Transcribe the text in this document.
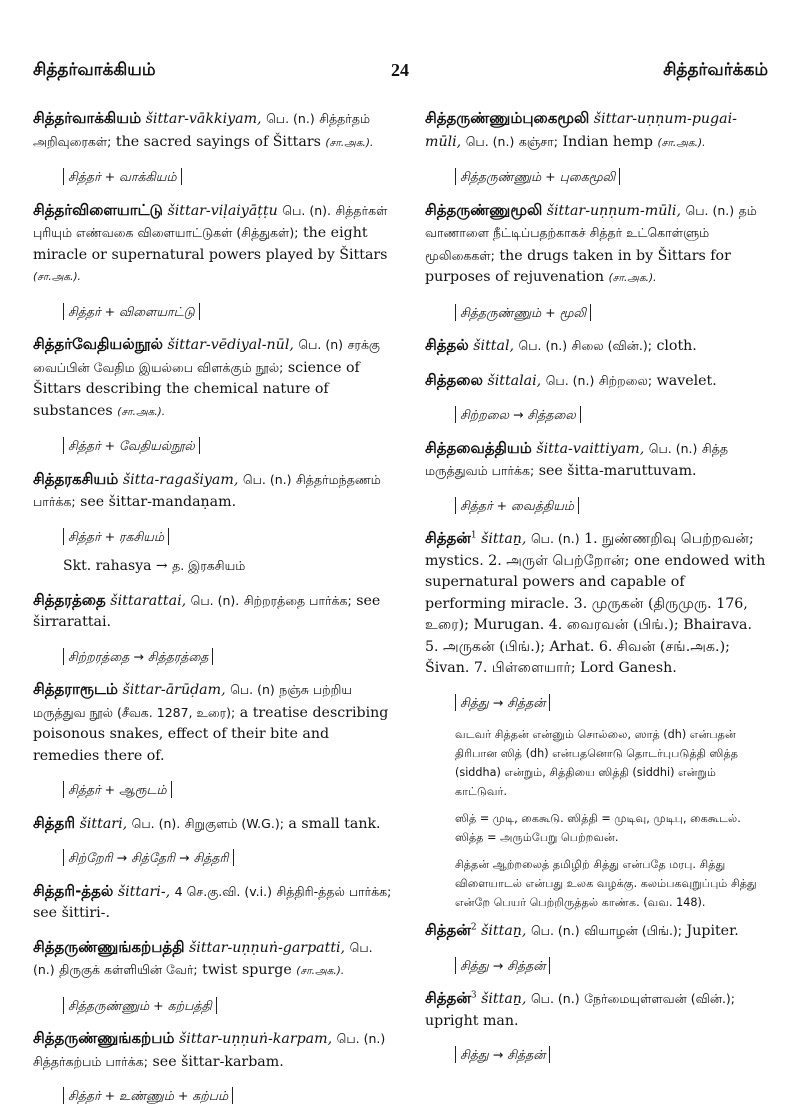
சித்தர்வாக்கியம்	24	சித்தர்வர்க்கம்
சித்தர்வாக்கியம் šittar-vākkiyam, பெ. (n.) சித்தர்தம் அறிவுரைகள்; the sacred sayings of Šittars (சா.அக.).
சித்தர் + வாக்கியம்
சித்தர்விளையாட்டு šittar-viḷaiyāṭṭu பெ. (n). சித்தர்கள் புரியும் எண்வகை விளையாட்டுகள் (சித்துகள்); the eight miracle or supernatural powers played by Šittars (சா.அக.).
சித்தர் + விளையாட்டு
சித்தர்வேதியல்நூல் šittar-vēdiyal-nūl, பெ. (n) சரக்கு வைப்பின் வேதிம இயல்பை விளக்கும் நூல்; science of Šittars describing the chemical nature of substances (சா.அக.).
சித்தர் + வேதியல்நூல்
சித்தரகசியம் šitta-ragašiyam, பெ. (n.) சித்தர்மந்தணம் பார்க்க; see šittar-mandaṇam.
சித்தர் + ரகசியம்
Skt. rahasya → த. இரகசியம்
சித்தரத்தை šittarattai, பெ. (n). சிற்றரத்தை பார்க்க; see širrarattai.
சிற்றரத்தை → சித்தரத்தை
சித்தராரூடம் šittar-ārūḍam, பெ. (n) நஞ்சு பற்றிய மருத்துவ நூல் (சீவக. 1287, உரை); a treatise describing poisonous snakes, effect of their bite and remedies there of.
சித்தர் + ஆரூடம்
சித்தரி šittari, பெ. (n). சிறுகுளம் (W.G.); a small tank.
சிற்றேரி → சித்தேரி → சித்தரி
சித்தரி-த்தல் šittari-, 4 செ.கு.வி. (v.i.) சித்திரி-த்தல் பார்க்க; see šittiri-.
சித்தருண்ணுங்கற்பத்தி šittar-uṇṇuṅ-garpatti, பெ. (n.) திருகுக் கள்ளியின் வேர்; twist spurge (சா.அக.).
சித்தருண்ணும் + கற்பத்தி
சித்தருண்ணுங்கற்பம் šittar-uṇṇuṅ-karpam, பெ. (n.) சித்தர்கற்பம் பார்க்க; see šittar-karbam.
சித்தர் + உண்ணும் + கற்பம்
சித்தருண்ணும்புகைமூலி šittar-uṇṇum-pugai-mūli, பெ. (n.) கஞ்சா; Indian hemp (சா.அக.).
சித்தருண்ணும் + புகைமூலி
சித்தருண்ணுமூலி šittar-uṇṇum-mūli, பெ. (n.) தம் வாணாளை நீட்டிப்பதற்காகச் சித்தர் உட்கொள்ளும் மூலிகைகள்; the drugs taken in by Šittars for purposes of rejuvenation (சா.அக.).
சித்தருண்ணும் + மூலி
சித்தல் šittal, பெ. (n.) சிலை (வின்.); cloth.
சித்தலை šittalai, பெ. (n.) சிற்றலை; wavelet.
சிற்றலை → சித்தலை
சித்தவைத்தியம் šitta-vaittiyam, பெ. (n.) சித்த மருத்துவம் பார்க்க; see šitta-maruttuvam.
சித்தர் + வைத்தியம்
சித்தன்$^1$ šittaṉ, பெ. (n.) 1. நுண்ணறிவு பெற்றவன்; mystics. 2. அருள் பெற்றோன்; one endowed with supernatural powers and capable of performing miracle. 3. முருகன் (திருமுரு. 176, உரை); Murugan. 4. வைரவன் (பிங்.); Bhairava. 5. அருகன் (பிங்.); Arhat. 6. சிவன் (சங்.அக.); Šivan. 7. பிள்ளையார்; Lord Ganesh.
சித்து → சித்தன்
வடவர் சித்தன் என்னும் சொல்லை, ஸாத் (dh) என்பதன் திரிபான ஸித் (dh) என்பதனொடு தொடர்புபடுத்தி ஸித்த (siddha) என்றும், சித்தியை ஸித்தி (siddhi) என்றும் காட்டுவர்.
ஸித் = முடி, கைகூடு. ஸித்தி = முடிவு, முடிபு, கைகூடல். ஸித்த = அரும்பேறு பெற்றவன்.
சித்தன் ஆற்றலைத் தமிழிற் சித்து என்பதே மரபு. சித்து விளையாடல் என்பது உலக வழக்கு. கலம்பகவுறுப்பும் சித்து என்றே பெயர் பெற்றிருத்தல் காண்க. (வவ. 148).
சித்தன்$^2$ šittaṉ, பெ. (n.) வியாழன் (பிங்.); Jupiter.
சித்து → சித்தன்
சித்தன்$^3$ šittaṉ, பெ. (n.) நேர்மையுள்ளவன் (வின்.); upright man.
சித்து → சித்தன்
